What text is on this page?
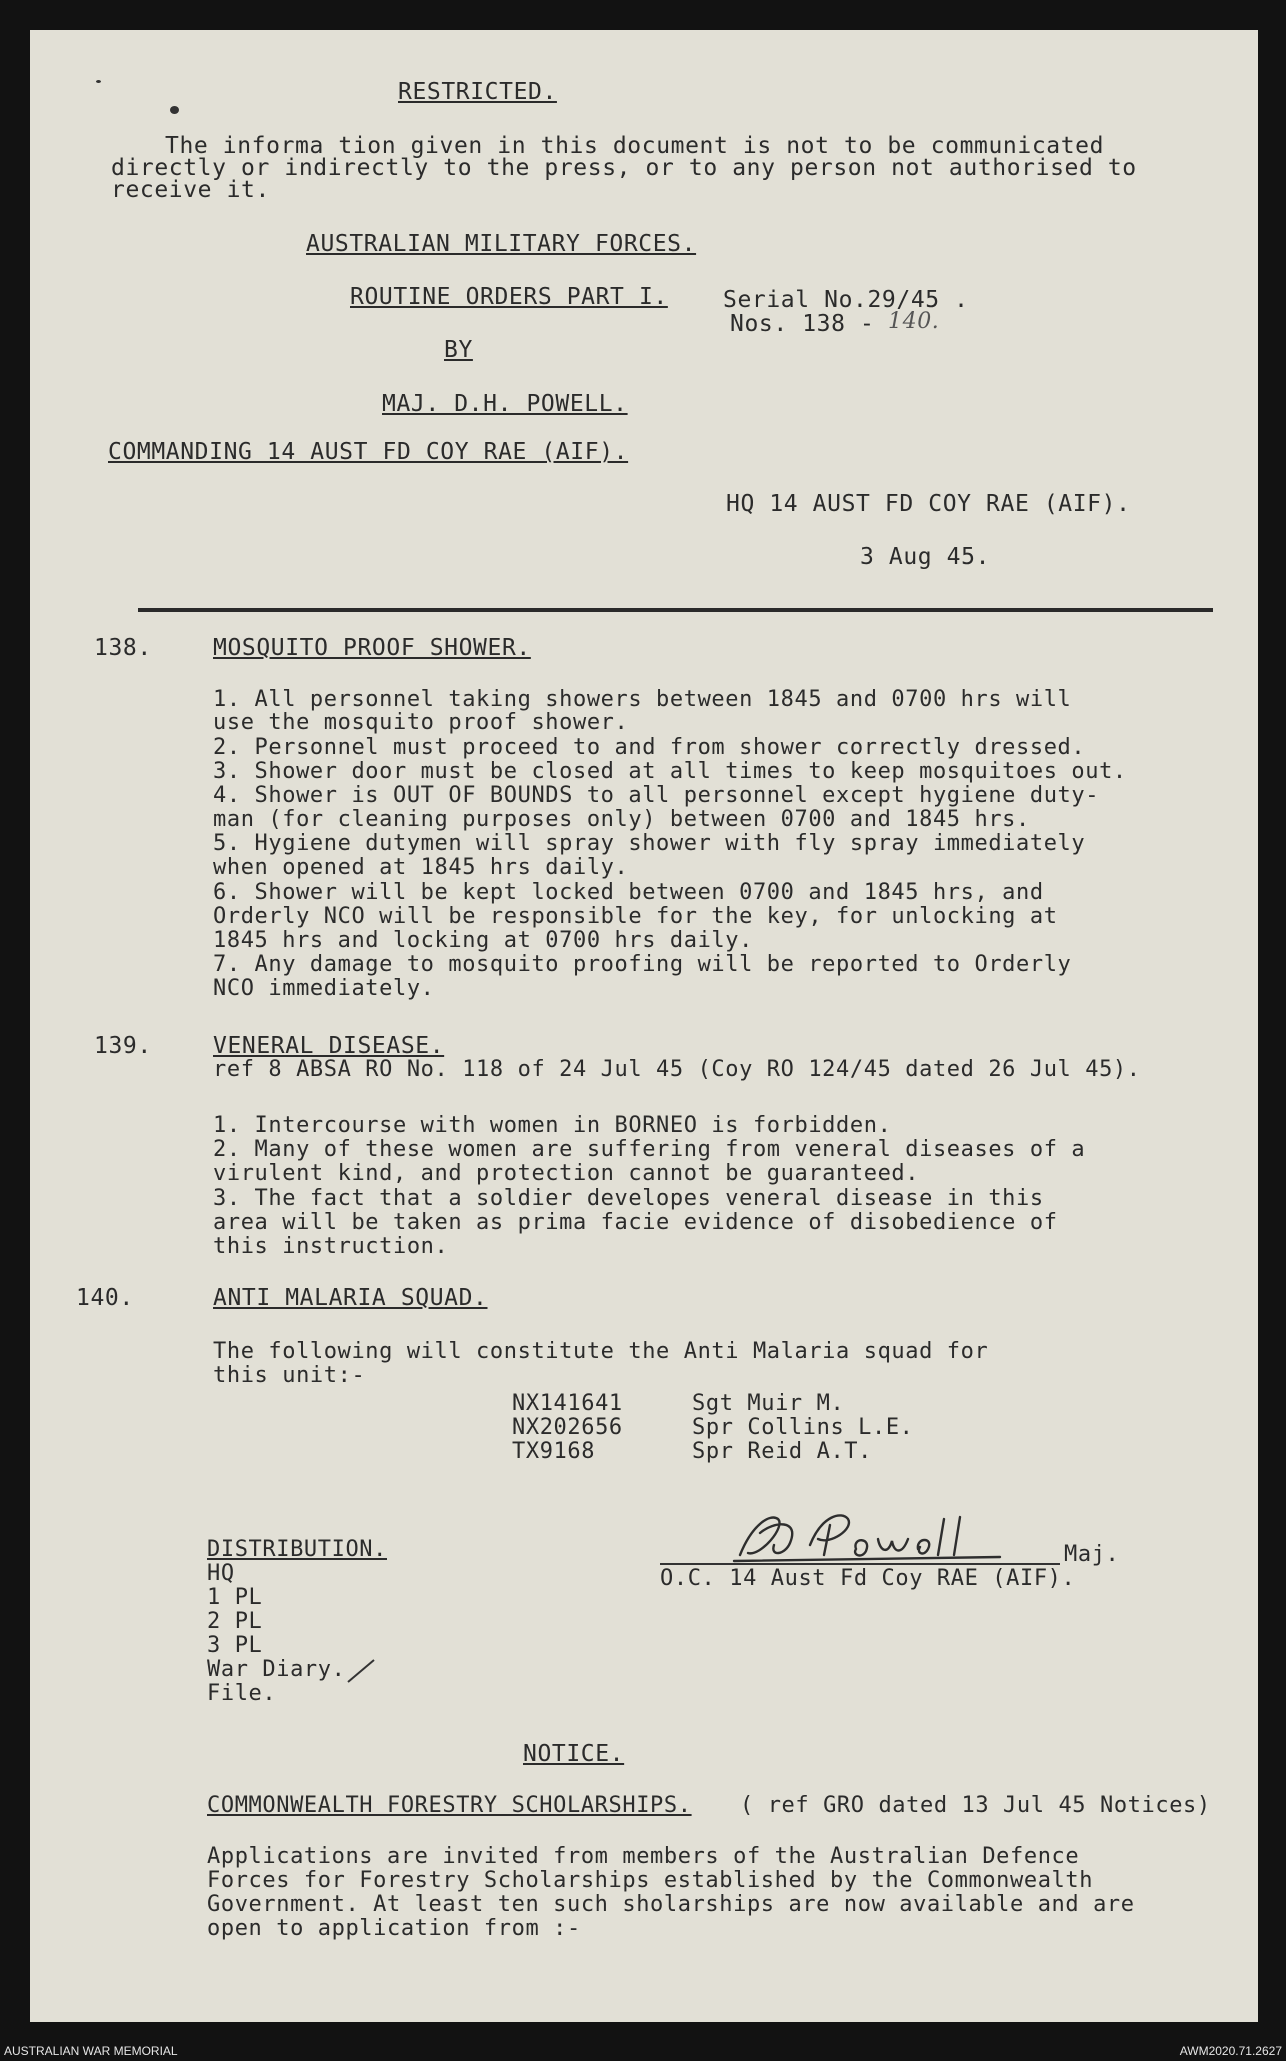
RESTRICTED.
The informa tion given in this document is not to be communicated
directly or indirectly to the press, or to any person not authorised to
receive it.
AUSTRALIAN MILITARY FORCES.
ROUTINE ORDERS PART I. Serial No.29/45 .
Nos. 138 - 140.
BY
MAJ. D.H. POWELL.
COMMANDING 14 AUST FD COY RAE (AIF).
HQ 14 AUST FD COY RAE (AIF).
3 Aug 45.
138.	MOSQUITO PROOF SHOWER.
1. All personnel taking showers between 1845 and 0700 hrs will
use the mosquito proof shower.
2. Personnel must proceed to and from shower correctly dressed.
3. Shower door must be closed at all times to keep mosquitoes out.
4. Shower is OUT OF BOUNDS to all personnel except hygiene duty-
man (for cleaning purposes only) between 0700 and 1845 hrs.
5. Hygiene dutymen will spray shower with fly spray immediately
when opened at 1845 hrs daily.
6. Shower will be kept locked between 0700 and 1845 hrs, and
Orderly NCO will be responsible for the key, for unlocking at
1845 hrs and locking at 0700 hrs daily.
7. Any damage to mosquito proofing will be reported to Orderly
NCO immediately.
139.	VENERAL DISEASE.
ref 8 ABSA RO No. 118 of 24 Jul 45 (Coy RO 124/45 dated 26 Jul 45).
1. Intercourse with women in BORNEO is forbidden.
2. Many of these women are suffering from veneral diseases of a
virulent kind, and protection cannot be guaranteed.
3. The fact that a soldier developes veneral disease in this
area will be taken as prima facie evidence of disobedience of
this instruction.
140.	ANTI MALARIA SQUAD.
The following will constitute the Anti Malaria squad for
this unit:-
NX141641	Sgt Muir M.
NX202656	Spr Collins L.E.
TX9168	Spr Reid A.T.
Maj.
O.C. 14 Aust Fd Coy RAE (AIF).
DISTRIBUTION.
HQ
1 PL
2 PL
3 PL
War Diary.
File.
NOTICE.
COMMONWEALTH FORESTRY SCHOLARSHIPS. ( ref GRO dated 13 Jul 45 Notices)
Applications are invited from members of the Australian Defence
Forces for Forestry Scholarships established by the Commonwealth
Government. At least ten such sholarships are now available and are
open to application from :-
AUSTRALIAN WAR MEMORIAL	AWM2020.71.2627
